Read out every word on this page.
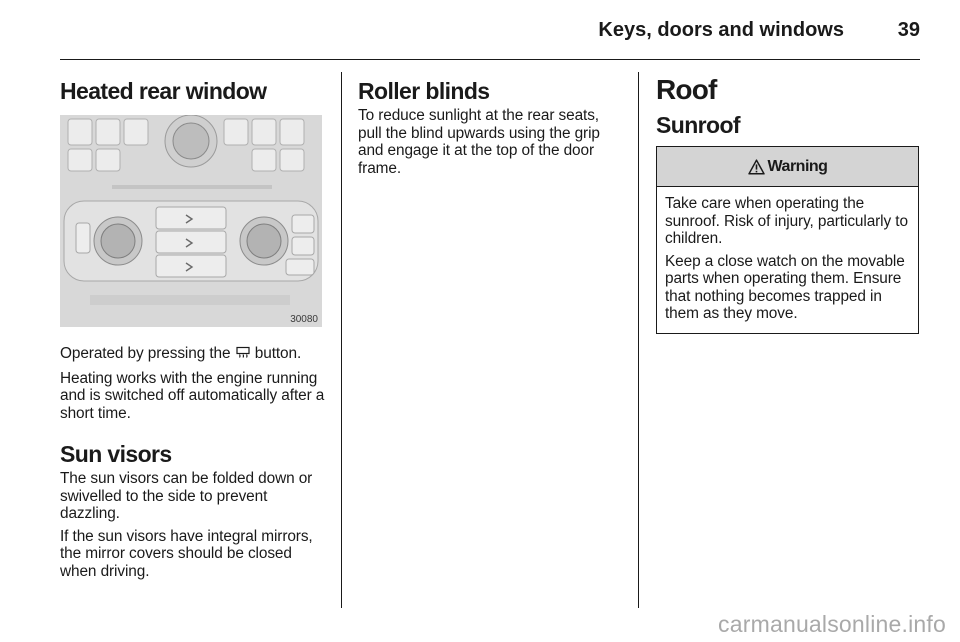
Keys, doors and windows	39
Heated rear window
30080

Operated by pressing the  button.

Heating works with the engine running and is switched off automatically after a short time.

Sun visors

The sun visors can be folded down or swivelled to the side to prevent dazzling.

If the sun visors have integral mirrors, the mirror covers should be closed when driving.

Roller blinds

To reduce sunlight at the rear seats, pull the blind upwards using the grip and engage it at the top of the door frame.

Roof
Sunroof
Warning

Take care when operating the sunroof. Risk of injury, particularly to children.

Keep a close watch on the movable parts when operating them. Ensure that nothing becomes trapped in them as they move.

carmanualsonline.info
